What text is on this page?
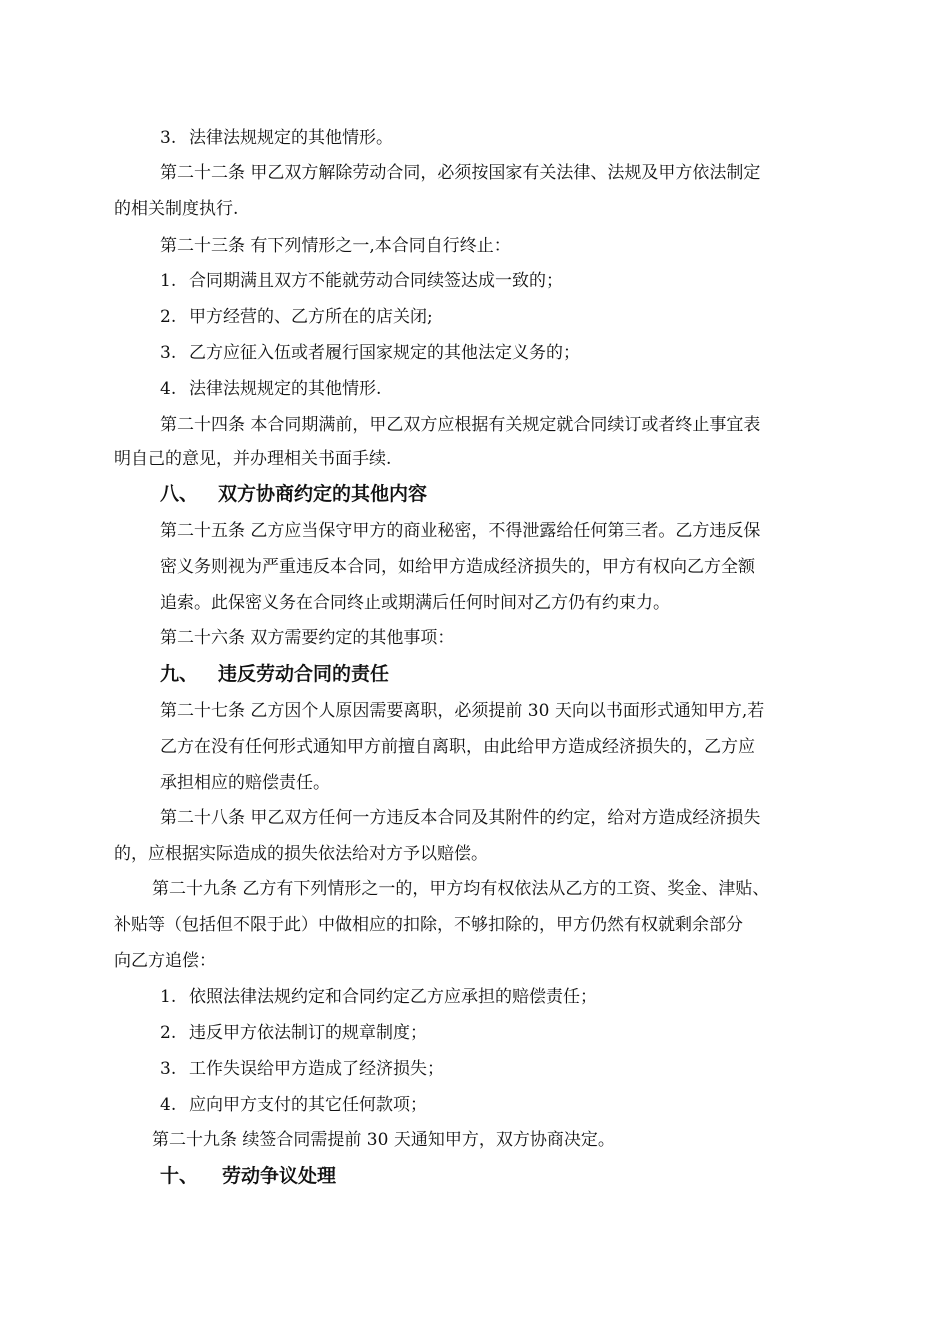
3. 法律法规规定的其他情形。
第二十二条 甲乙双方解除劳动合同，必须按国家有关法律、法规及甲方依法制定
的相关制度执行.
第二十三条 有下列情形之一,本合同自行终止：
1. 合同期满且双方不能就劳动合同续签达成一致的；
2. 甲方经营的、乙方所在的店关闭;
3. 乙方应征入伍或者履行国家规定的其他法定义务的；
4. 法律法规规定的其他情形.
第二十四条 本合同期满前，甲乙双方应根据有关规定就合同续订或者终止事宜表
明自己的意见，并办理相关书面手续.
八、 双方协商约定的其他内容
第二十五条 乙方应当保守甲方的商业秘密，不得泄露给任何第三者。乙方违反保
密义务则视为严重违反本合同，如给甲方造成经济损失的，甲方有权向乙方全额
追索。此保密义务在合同终止或期满后任何时间对乙方仍有约束力。
第二十六条 双方需要约定的其他事项：
九、 违反劳动合同的责任
第二十七条 乙方因个人原因需要离职，必须提前 30 天向以书面形式通知甲方,若
乙方在没有任何形式通知甲方前擅自离职，由此给甲方造成经济损失的，乙方应
承担相应的赔偿责任。
第二十八条 甲乙双方任何一方违反本合同及其附件的约定，给对方造成经济损失
的，应根据实际造成的损失依法给对方予以赔偿。
第二十九条 乙方有下列情形之一的，甲方均有权依法从乙方的工资、奖金、津贴、
补贴等（包括但不限于此）中做相应的扣除，不够扣除的，甲方仍然有权就剩余部分
向乙方追偿：
1. 依照法律法规约定和合同约定乙方应承担的赔偿责任；
2. 违反甲方依法制订的规章制度；
3. 工作失误给甲方造成了经济损失；
4. 应向甲方支付的其它任何款项；
第二十九条 续签合同需提前 30 天通知甲方，双方协商决定。
十、 劳动争议处理
